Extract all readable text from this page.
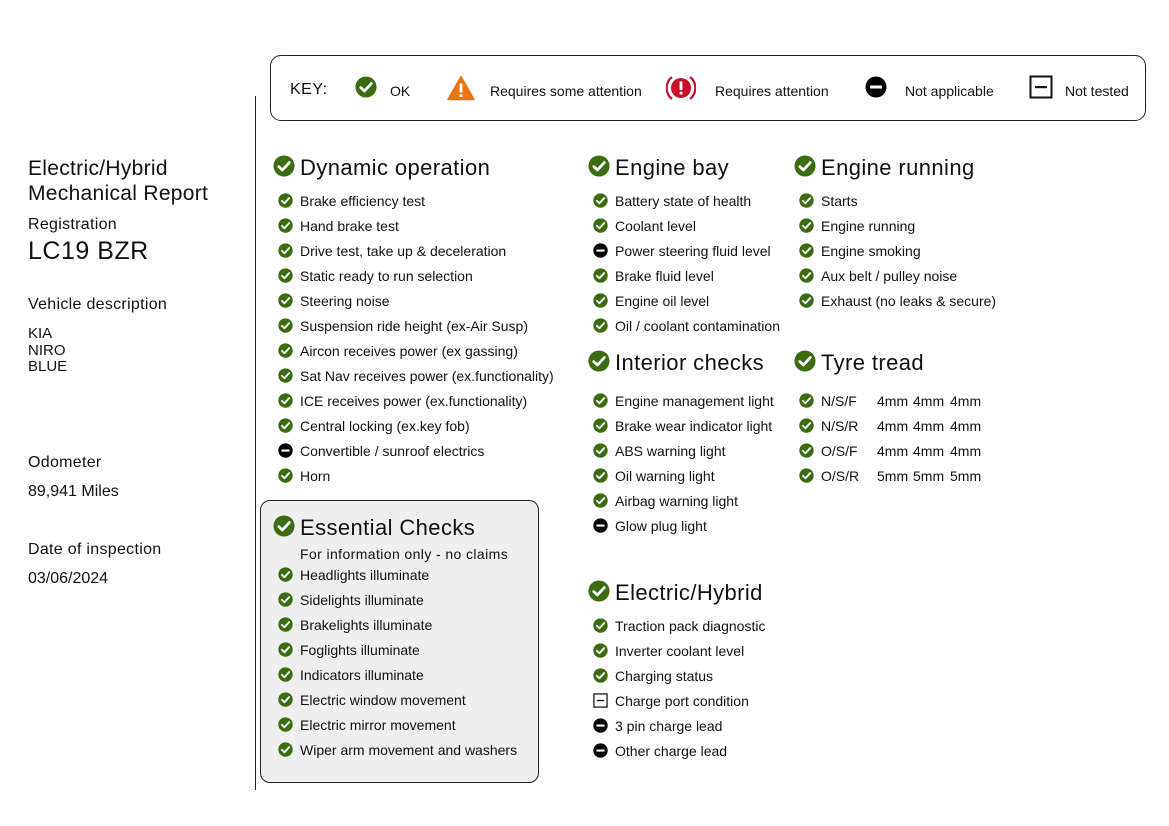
KEY:	OK	Requires some attention	Requires attention	Not applicable	Not tested
Electric/Hybrid
Mechanical Report
Registration
LC19 BZR
Vehicle description
KIA
NIRO
BLUE
Odometer
89,941 Miles
Date of inspection
03/06/2024
Dynamic operation
Brake efficiency test
Hand brake test
Drive test, take up & deceleration
Static ready to run selection
Steering noise
Suspension ride height (ex-Air Susp)
Aircon receives power (ex gassing)
Sat Nav receives power (ex.functionality)
ICE receives power (ex.functionality)
Central locking (ex.key fob)
Convertible / sunroof electrics
Horn
Essential Checks
For information only - no claims
Headlights illuminate
Sidelights illuminate
Brakelights illuminate
Foglights illuminate
Indicators illuminate
Electric window movement
Electric mirror movement
Wiper arm movement and washers
Engine bay
Battery state of health
Coolant level
Power steering fluid level
Brake fluid level
Engine oil level
Oil / coolant contamination
Interior checks
Engine management light
Brake wear indicator light
ABS warning light
Oil warning light
Airbag warning light
Glow plug light
Electric/Hybrid
Traction pack diagnostic
Inverter coolant level
Charging status
Charge port condition
3 pin charge lead
Other charge lead
Engine running
Starts
Engine running
Engine smoking
Aux belt / pulley noise
Exhaust (no leaks & secure)
Tyre tread
N/S/F 4mm 4mm 4mm
N/S/R 4mm 4mm 4mm
O/S/F 4mm 4mm 4mm
O/S/R 5mm 5mm 5mm
